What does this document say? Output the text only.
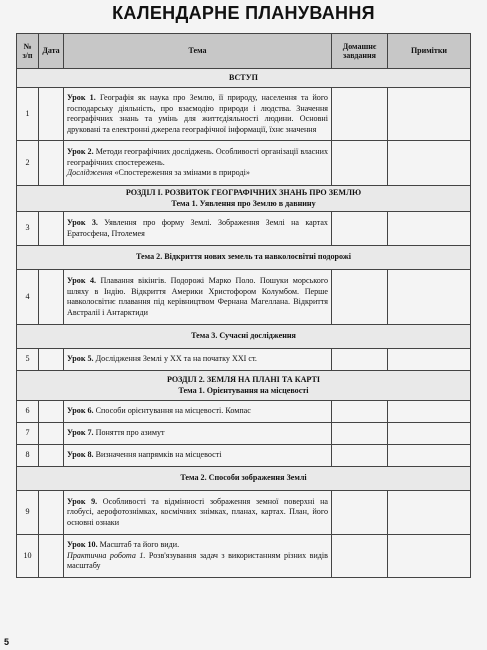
КАЛЕНДАРНЕ ПЛАНУВАННЯ
№ з/п	Дата	Тема	Домашнє завдання	Примітки
ВСТУП				
1		Урок 1. Географія як наука про Землю, її природу, населення та його господарську діяльність, про взаємодію природи і людства. Значення географічних знань та умінь для життєдіяльності людини. Основні друковані та електронні джерела географічної інформації, їхнє значення		
2		Урок 2. Методи географічних досліджень. Особливості організації власних географічних спостережень.
Дослідження «Спостереження за змінами в природі»		
РОЗДІЛ І. РОЗВИТОК ГЕОГРАФІЧНИХ ЗНАНЬ ПРО ЗЕМЛЮ
Тема 1. Уявлення про Землю в давнину				
3		Урок 3. Уявлення про форму Землі. Зображення Землі на картах Ератосфена, Птолемея		
Тема 2. Відкриття нових земель та навколосвітні подорожі				
4		Урок 4. Плавання вікінгів. Подорожі Марко Поло. Пошуки морського шляху в Індію. Відкриття Америки Христофором Колумбом. Перше навколосвітнє плавання під керівництвом Фернана Магеллана. Відкриття Австралії і Антарктиди		
Тема 3. Сучасні дослідження				
5		Урок 5. Дослідження Землі у XX та на початку XXI ст.		
РОЗДІЛ 2. ЗЕМЛЯ НА ПЛАНІ ТА КАРТІ
Тема 1. Орієнтування на місцевості				
6		Урок 6. Способи орієнтування на місцевості. Компас		
7		Урок 7. Поняття про азимут		
8		Урок 8. Визначення напрямків на місцевості		
Тема 2. Способи зображення Землі				
9		Урок 9. Особливості та відмінності зображення земної поверхні на глобусі, аерофотознімках, космічних знімках, планах, картах. План, його основні ознаки		
10		Урок 10. Масштаб та його види.
Практична робота 1. Розв'язування задач з використанням різних видів масштабу		
5
